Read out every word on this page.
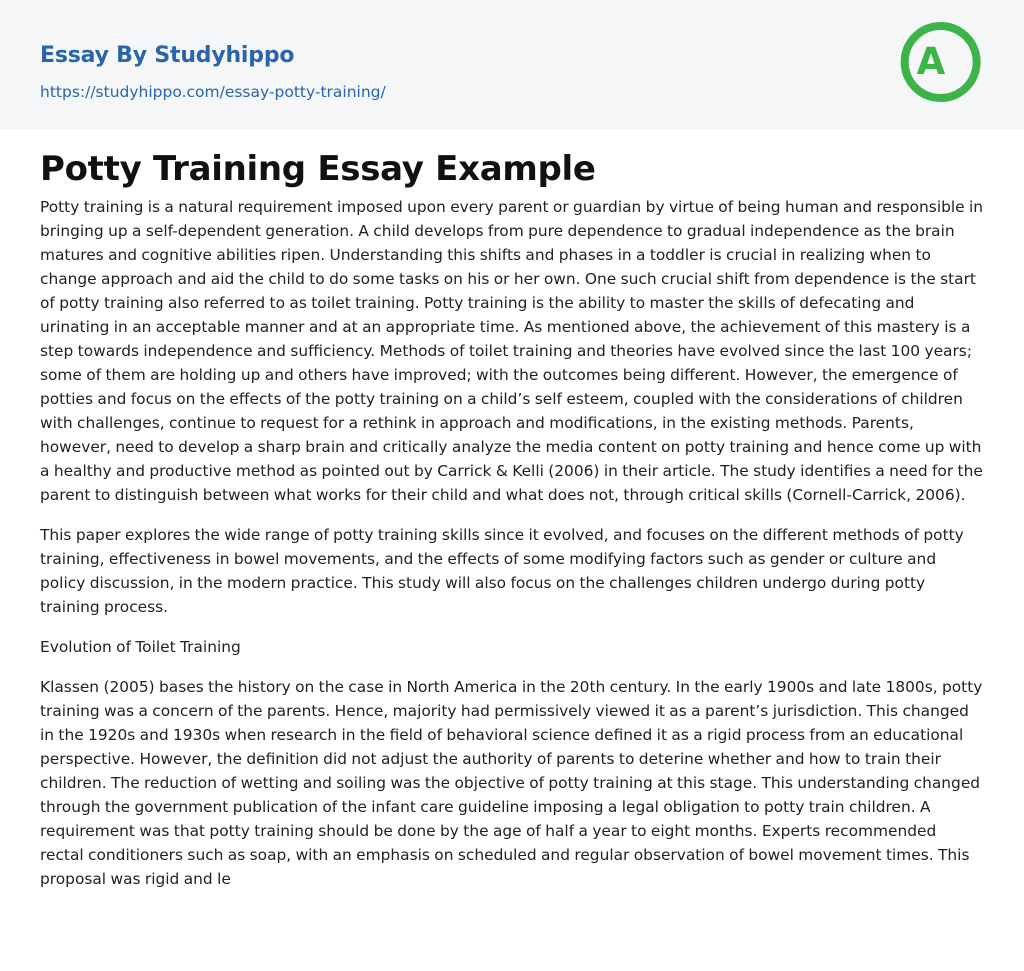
Essay By Studyhippo
https://studyhippo.com/essay-potty-training/
A
Potty Training Essay Example

Potty training is a natural requirement imposed upon every parent or guardian by virtue of being human and responsible in bringing up a self-dependent generation. A child develops from pure dependence to gradual independence as the brain matures and cognitive abilities ripen. Understanding this shifts and phases in a toddler is crucial in realizing when to change approach and aid the child to do some tasks on his or her own. One such crucial shift from dependence is the start of potty training also referred to as toilet training. Potty training is the ability to master the skills of defecating and urinating in an acceptable manner and at an appropriate time. As mentioned above, the achievement of this mastery is a step towards independence and sufficiency. Methods of toilet training and theories have evolved since the last 100 years; some of them are holding up and others have improved; with the outcomes being different. However, the emergence of potties and focus on the effects of the potty training on a child’s self esteem, coupled with the considerations of children with challenges, continue to request for a rethink in approach and modifications, in the existing methods. Parents, however, need to develop a sharp brain and critically analyze the media content on potty training and hence come up with a healthy and productive method as pointed out by Carrick & Kelli (2006) in their article. The study identifies a need for the parent to distinguish between what works for their child and what does not, through critical skills (Cornell-Carrick, 2006).

This paper explores the wide range of potty training skills since it evolved, and focuses on the different methods of potty training, effectiveness in bowel movements, and the effects of some modifying factors such as gender or culture and policy discussion, in the modern practice. This study will also focus on the challenges children undergo during potty training process.

Evolution of Toilet Training

Klassen (2005) bases the history on the case in North America in the 20th century. In the early 1900s and late 1800s, potty training was a concern of the parents. Hence, majority had permissively viewed it as a parent’s jurisdiction. This changed in the 1920s and 1930s when research in the field of behavioral science defined it as a rigid process from an educational perspective. However, the definition did not adjust the authority of parents to deterine whether and how to train their children. The reduction of wetting and soiling was the objective of potty training at this stage. This understanding changed through the government publication of the infant care guideline imposing a legal obligation to potty train children. A requirement was that potty training should be done by the age of half a year to eight months. Experts recommended rectal conditioners such as soap, with an emphasis on scheduled and regular observation of bowel movement times. This proposal was rigid and le
